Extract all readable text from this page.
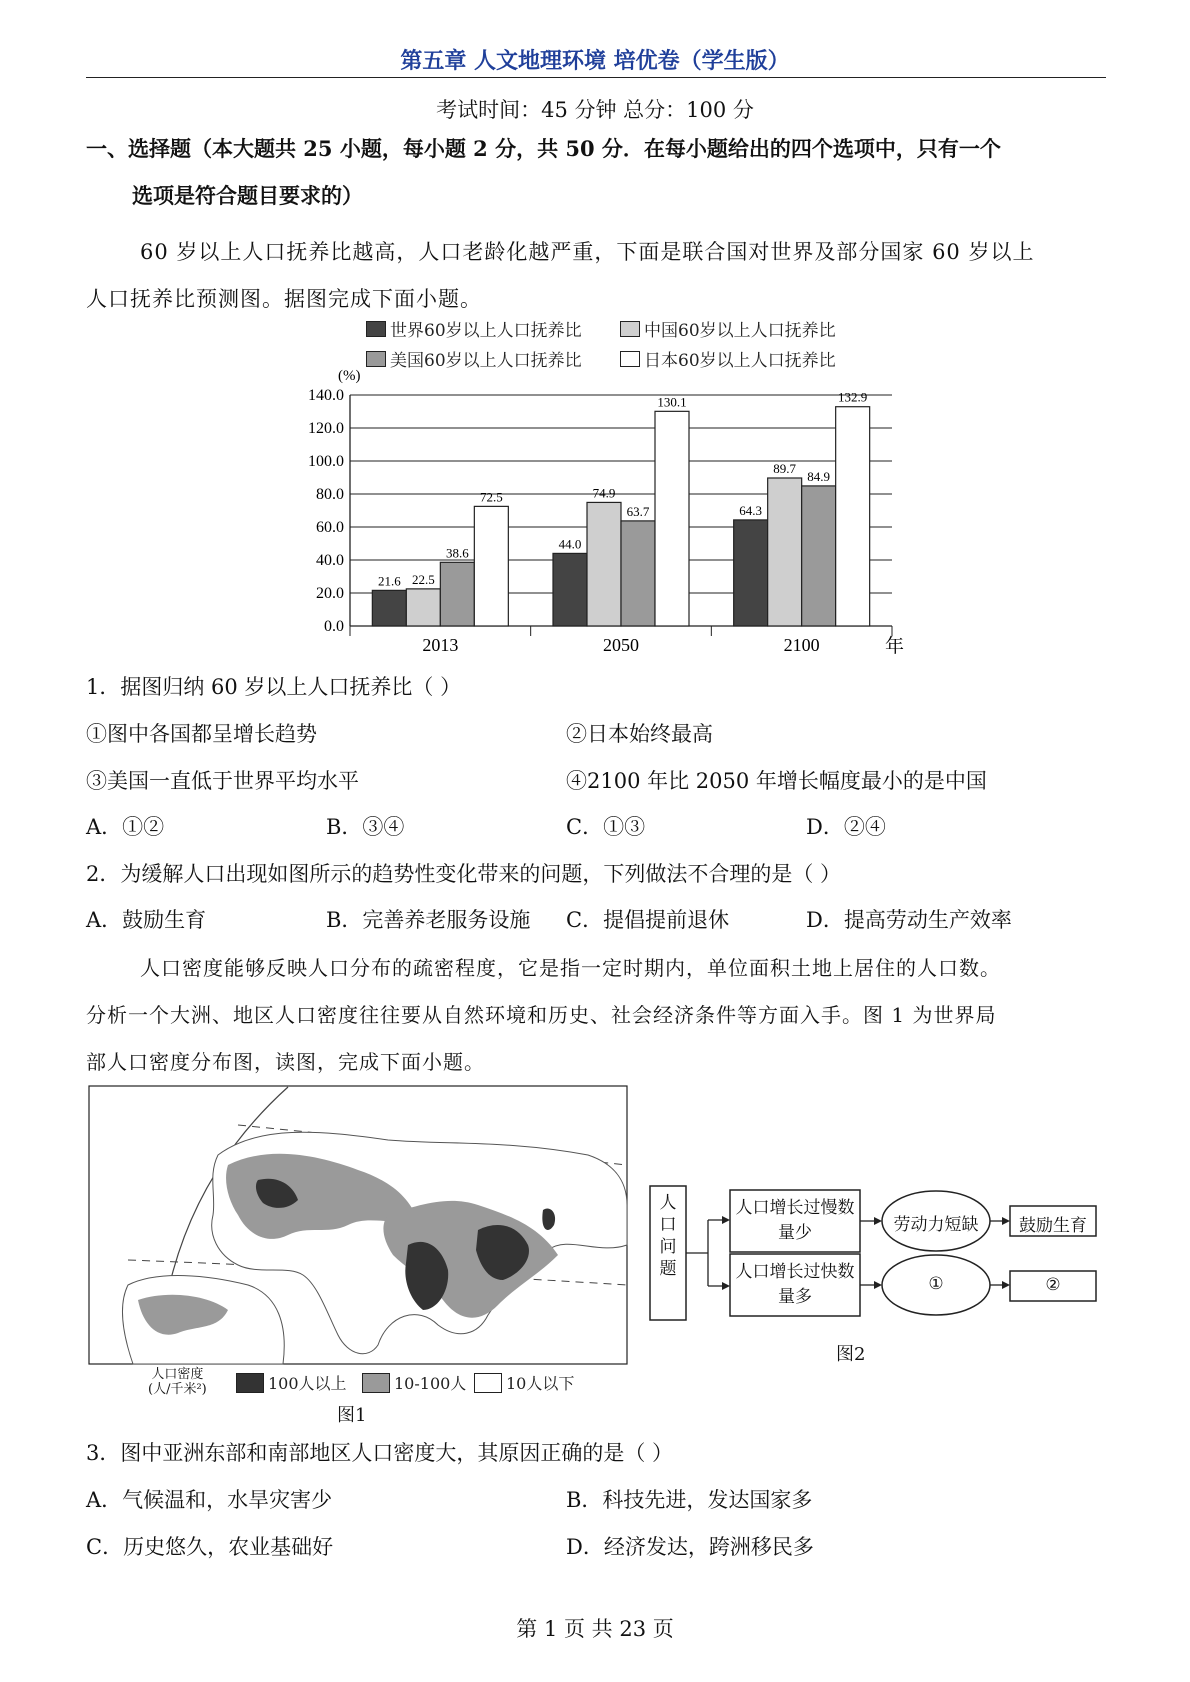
第五章 人文地理环境 培优卷（学生版）
考试时间：45 分钟 总分：100 分
一、选择题（本大题共 25 小题，每小题 2 分，共 50 分．在每小题给出的四个选项中，只有一个
选项是符合题目要求的）
60 岁以上人口抚养比越高，人口老龄化越严重，下面是联合国对世界及部分国家 60 岁以上
人口抚养比预测图。据图完成下面小题。
世界60岁以上人口抚养比	中国60岁以上人口抚养比
美国60岁以上人口抚养比	日本60岁以上人口抚养比
0.0
20.0
40.0
60.0
80.0
100.0
120.0
140.0
2013
21.6 22.5
38.6
72.5
2050
44.0
74.9
63.7
130.1
2100
64.3
89.7
84.9
132.9
(%)
年
1．据图归纳 60 岁以上人口抚养比（ ）
①图中各国都呈增长趋势	②日本始终最高
③美国一直低于世界平均水平	④2100 年比 2050 年增长幅度最小的是中国
A．①②	B．③④	C．①③	D．②④
2．为缓解人口出现如图所示的趋势性变化带来的问题，下列做法不合理的是（ ）
A．鼓励生育	B．完善养老服务设施 C．提倡提前退休	D．提高劳动生产效率
人口密度能够反映人口分布的疏密程度，它是指一定时期内，单位面积土地上居住的人口数。
分析一个大洲、地区人口密度往往要从自然环境和历史、社会经济条件等方面入手。图 1 为世界局
部人口密度分布图，读图，完成下面小题。
人口密度
(人/千米²)	100人以上	10-100人 10人以下
图1
人口问题
人口增长过慢数量少
人口增长过快数量多
劳动力短缺
①
鼓励生育
②
图2
3．图中亚洲东部和南部地区人口密度大，其原因正确的是（ ）
A．气候温和，水旱灾害少	B．科技先进，发达国家多
C．历史悠久，农业基础好	D．经济发达，跨洲移民多
第 1 页 共 23 页
